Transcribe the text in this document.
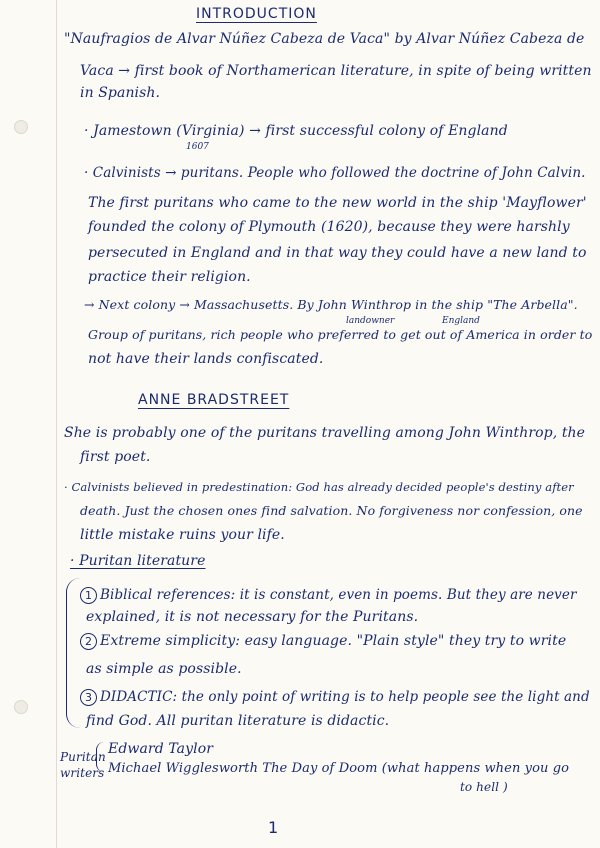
INTRODUCTION
"Naufragios de Alvar Núñez Cabeza de Vaca" by Alvar Núñez Cabeza de
Vaca → first book of Northamerican literature, in spite of being written
in Spanish.
· Jamestown (Virginia) → first successful colony of England
1607
· Calvinists → puritans. People who followed the doctrine of John Calvin.
The first puritans who came to the new world in the ship 'Mayflower'
founded the colony of Plymouth (1620), because they were harshly
persecuted in England and in that way they could have a new land to
practice their religion.
→ Next colony → Massachusetts. By John Winthrop in the ship "The Arbella".
landowner	England
Group of puritans, rich people who preferred to get out of America in order to
not have their lands confiscated.
ANNE BRADSTREET
She is probably one of the puritans travelling among John Winthrop, the
first poet.
· Calvinists believed in predestination: God has already decided people's destiny after
death. Just the chosen ones find salvation. No forgiveness nor confession, one
little mistake ruins your life.
· Puritan literature
1 Biblical references: it is constant, even in poems. But they are never
explained, it is not necessary for the Puritans.
2 Extreme simplicity: easy language. "Plain style" they try to write
as simple as possible.
3 DIDACTIC: the only point of writing is to help people see the light and
find God. All puritan literature is didactic.
Puritan
writers
Edward Taylor
Michael Wigglesworth The Day of Doom (what happens when you go
to hell )
1
